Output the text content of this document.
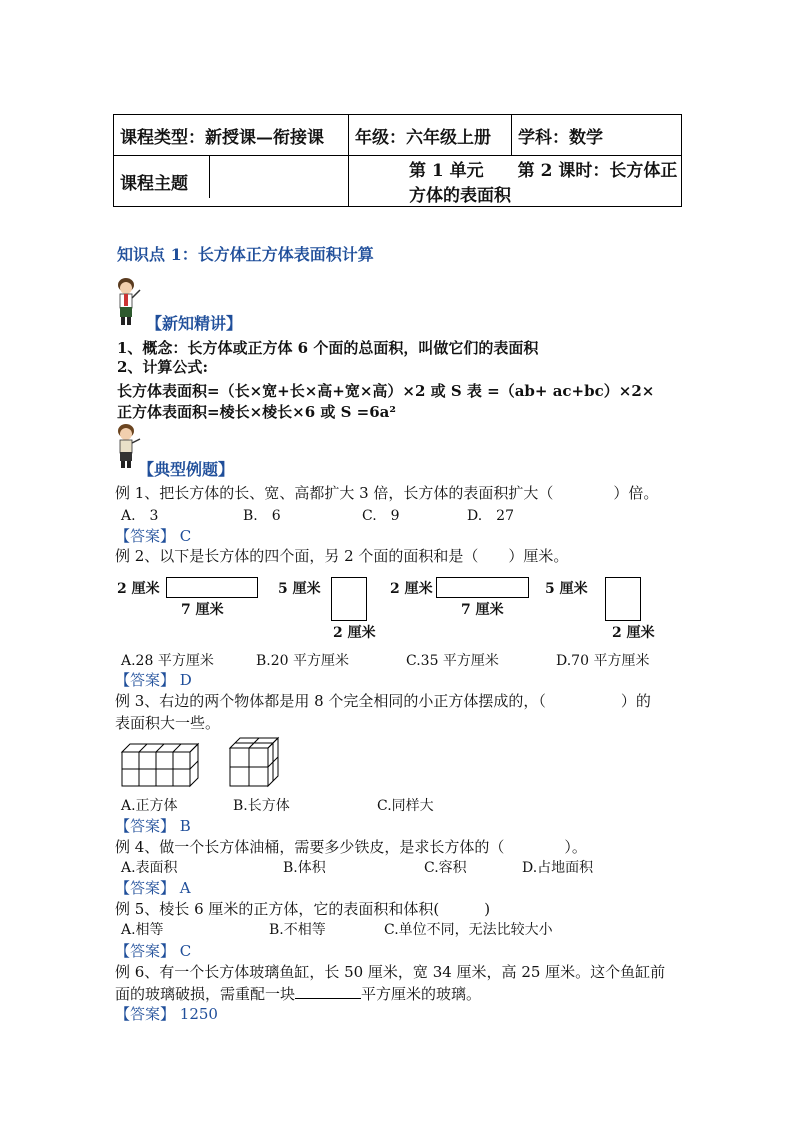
课程类型：新授课—衔接课	年级：六年级上册	学科：数学
课程主题	第 1 单元　　第 2 课时：长方体正方体的表面积	
知识点 1：长方体正方体表面积计算
【新知精讲】
1、概念：长方体或正方体 6 个面的总面积，叫做它们的表面积
2、计算公式:
长方体表面积=（长×宽+长×高+宽×高）×2 或 S 表 =（ab+ ac+bc）×2×
正方体表面积=棱长×棱长×6 或 S =6a²
【典型例题】
例 1、把长方体的长、宽、高都扩大 3 倍，长方体的表面积扩大（　　　　）倍。
A.　3	B.　6	C.　9	D.　27
【答案】 C
例 2、以下是长方体的四个面，另 2 个面的面积和是（　　）厘米。
2 厘米
7 厘米
5 厘米
2 厘米
2 厘米
7 厘米
5 厘米
2 厘米
A.28 平方厘米	B.20 平方厘米	C.35 平方厘米	D.70 平方厘米
【答案】 D
例 3、右边的两个物体都是用 8 个完全相同的小正方体摆成的，（　　　　　）的
表面积大一些。
A.正方体	B.长方体	C.同样大
【答案】 B
例 4、做一个长方体油桶，需要多少铁皮，是求长方体的（　　　　）。
A.表面积	B.体积	C.容积	D.占地面积
【答案】 A
例 5、棱长 6 厘米的正方体，它的表面积和体积(　　　)
A.相等	B.不相等	C.单位不同，无法比较大小
【答案】 C
例 6、有一个长方体玻璃鱼缸，长 50 厘米，宽 34 厘米，高 25 厘米。这个鱼缸前
面的玻璃破损，需重配一块	平方厘米的玻璃。
【答案】 1250
